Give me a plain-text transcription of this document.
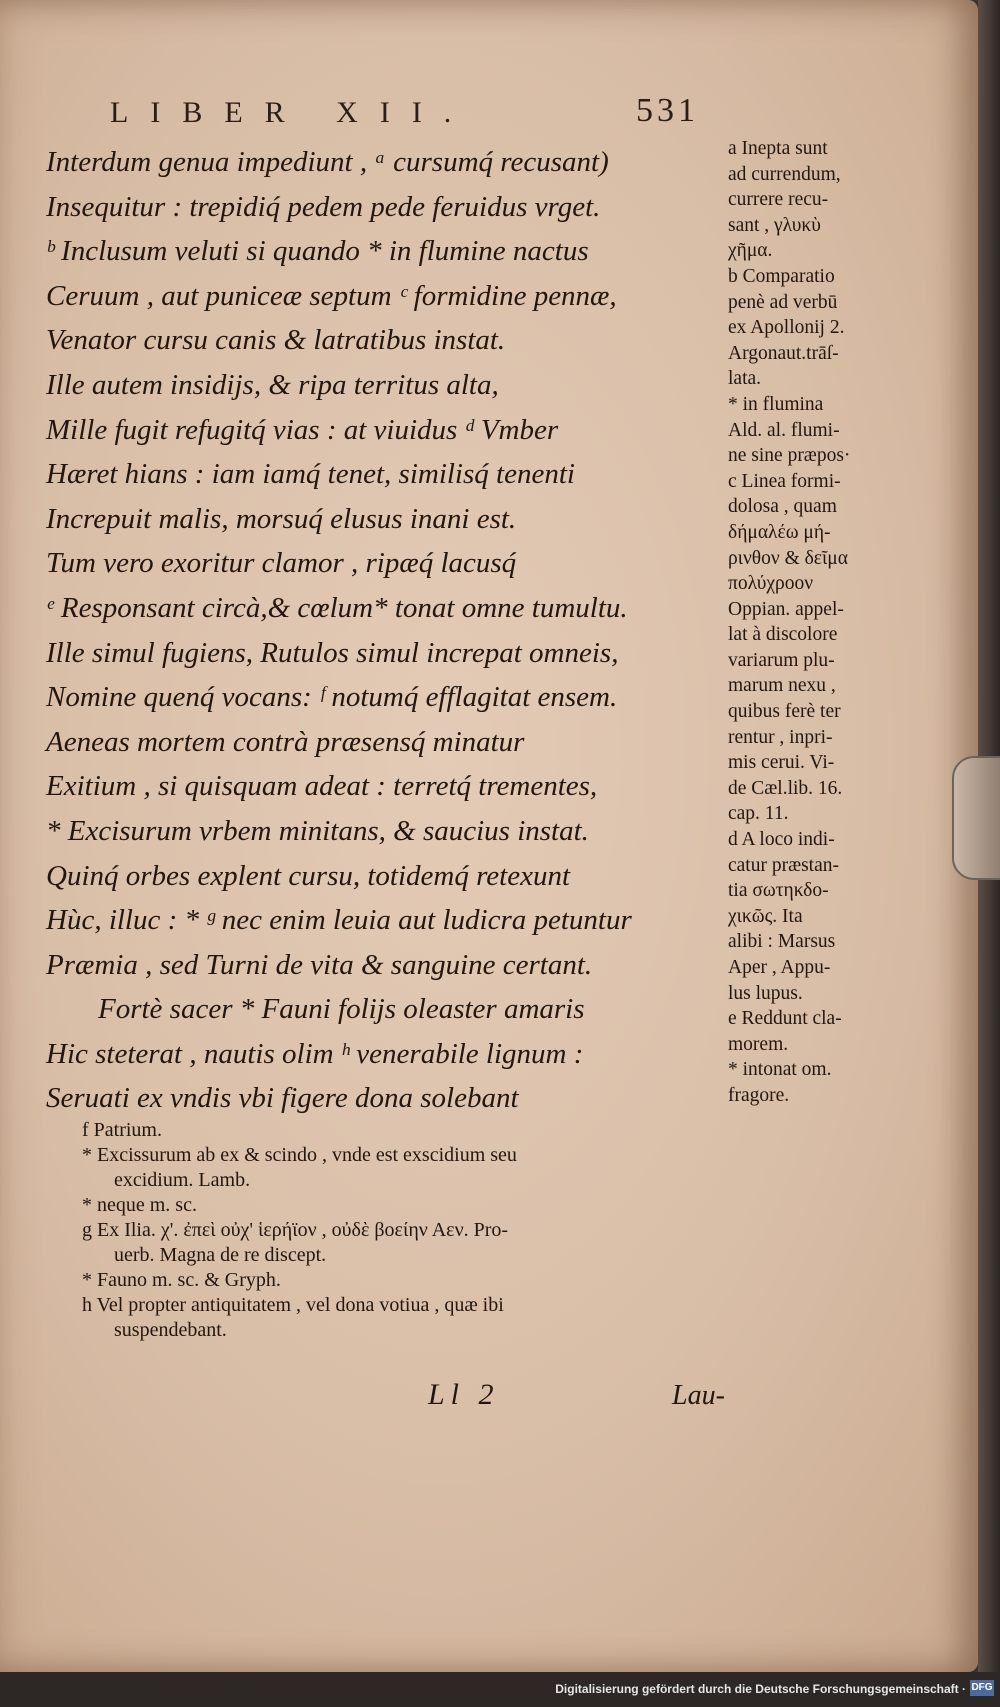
LIBER XII.	531
Interdum genua impediunt , ᵃ cursumq́ recusant)
Insequitur : trepidiq́ pedem pede feruidus vrget.
ᵇ Inclusum veluti si quando * in flumine nactus
Ceruum , aut puniceæ septum ᶜ formidine pennæ,
Venator cursu canis & latratibus instat.
Ille autem insidijs, & ripa territus alta,
Mille fugit refugitq́ vias : at viuidus ᵈ Vmber
Hæret hians : iam iamq́ tenet, similisq́ tenenti
Increpuit malis, morsuq́ elusus inani est.
Tum vero exoritur clamor , ripæq́ lacusq́
ᵉ Responsant circà,& cœlum* tonat omne tumultu.
Ille simul fugiens, Rutulos simul increpat omneis,
Nomine quenq́ vocans: ᶠ notumq́ efflagitat ensem.
Aeneas mortem contrà præsensq́ minatur
Exitium , si quisquam adeat : terretq́ trementes,
* Excisurum vrbem minitans, & saucius instat.
Quinq́ orbes explent cursu, totidemq́ retexunt
Hùc, illuc : * ᵍ nec enim leuia aut ludicra petuntur
Præmia , sed Turni de vita & sanguine certant.
Fortè sacer * Fauni folijs oleaster amaris
Hic steterat , nautis olim ʰ venerabile lignum :
Seruati ex vndis vbi figere dona solebant
a Inepta sunt
ad currendum,
currere recu-
sant , γλυκὺ
χῆμα.
b Comparatio
penè ad verbū
ex Apollonij 2.
Argonaut.trāſ-
lata.
* in flumina
Ald. al. flumi-
ne sine præpos·
c Linea formi-
dolosa , quam
δήμαλέω μή-
ρινθον & δεῖμα
πολύχροον
Oppian. appel-
lat à discolore
variarum plu-
marum nexu ,
quibus ferè ter
rentur , inpri-
mis cerui. Vi-
de Cæl.lib. 16.
cap. 11.
d A loco indi-
catur præstan-
tia σωτηκδο-
χικῶς. Ita
alibi : Marsus
Aper , Appu-
lus lupus.
e Reddunt cla-
morem.
* intonat om.
fragore.
f Patrium.
* Excissurum ab ex & scindo , vnde est exscidium seu
excidium. Lamb.
* neque m. sc.
g Ex Ilia. χ'. ἐπεὶ οὐχ' ἱερήϊον , οὐδὲ βοείην Αεν. Pro-
uerb. Magna de re discept.
* Fauno m. sc. & Gryph.
h Vel propter antiquitatem , vel dona votiua , quæ ibi
suspendebant.
Ll 2	Lau-
Digitalisierung gefördert durch die Deutsche Forschungsgemeinschaft · DFG
